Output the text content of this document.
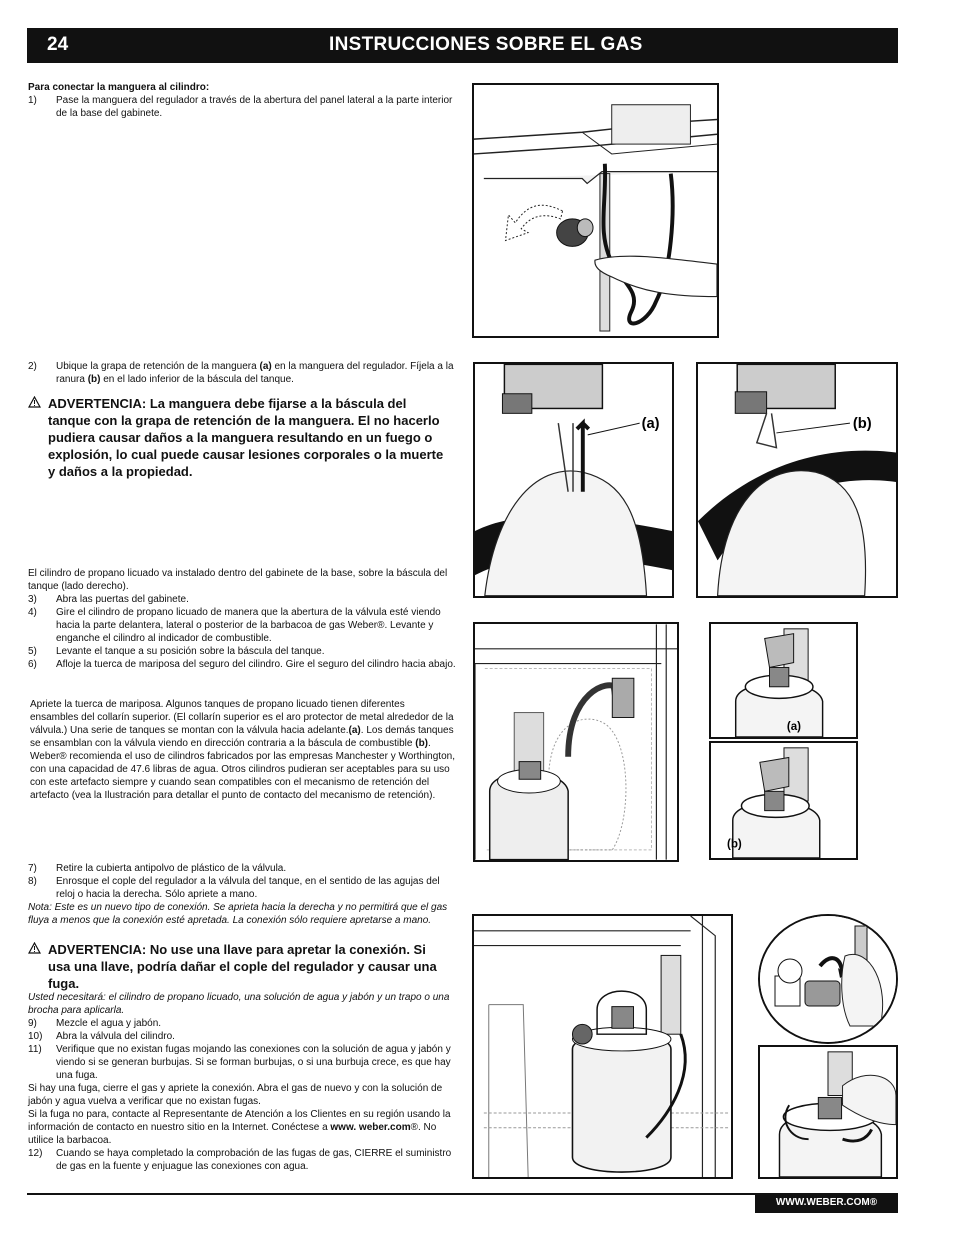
24	INSTRUCCIONES SOBRE EL GAS
Para conectar la manguera al cilindro:
1) Pase la manguera del regulador a través de la abertura del panel lateral a la parte interior de la base del gabinete.
2) Ubique la grapa de retención de la manguera (a) en la manguera del regulador. Fíjela a la ranura (b) en el lado inferior de la báscula del tanque.
ADVERTENCIA: La manguera debe fijarse a la báscula del tanque con la grapa de retención de la manguera. El no hacerlo pudiera causar daños a la manguera resultando en un fuego o explosión, lo cual puede causar lesiones corporales o la muerte y daños a la propiedad.
(a)	(b)
El cilindro de propano licuado va instalado dentro del gabinete de la base, sobre la báscula del tanque (lado derecho).
3) Abra las puertas del gabinete.
4) Gire el cilindro de propano licuado de manera que la abertura de la válvula esté viendo hacia la parte delantera, lateral o posterior de la barbacoa de gas Weber®. Levante y enganche el cilindro al indicador de combustible.
5) Levante el tanque a su posición sobre la báscula del tanque.
6) Afloje la tuerca de mariposa del seguro del cilindro. Gire el seguro del cilindro hacia abajo.
Apriete la tuerca de mariposa. Algunos tanques de propano licuado tienen diferentes ensambles del collarín superior. (El collarín superior es el aro protector de metal alrededor de la válvula.) Una serie de tanques se montan con la válvula hacia adelante.(a). Los demás tanques se ensamblan con la válvula viendo en dirección contraria a la báscula de combustible (b). Weber® recomienda el uso de cilindros fabricados por las empresas Manchester y Worthington, con una capacidad de 47.6 libras de agua. Otros cilindros pudieran ser aceptables para su uso con este artefacto siempre y cuando sean compatibles con el mecanismo de retención del artefacto (vea la Ilustración para detallar el punto de contacto del mecanismo de retención).
(a)
(b)
7) Retire la cubierta antipolvo de plástico de la válvula.
8) Enrosque el cople del regulador a la válvula del tanque, en el sentido de las agujas del reloj o hacia la derecha. Sólo apriete a mano.
Nota: Este es un nuevo tipo de conexión. Se aprieta hacia la derecha y no permitirá que el gas fluya a menos que la conexión esté apretada. La conexión sólo requiere apretarse a mano.
ADVERTENCIA: No use una llave para apretar la conexión. Si usa una llave, podría dañar el cople del regulador y causar una fuga.
Usted necesitará: el cilindro de propano licuado, una solución de agua y jabón y un trapo o una brocha para aplicarla.
9) Mezcle el agua y jabón.
10) Abra la válvula del cilindro.
11) Verifique que no existan fugas mojando las conexiones con la solución de agua y jabón y viendo si se generan burbujas. Si se forman burbujas, o si una burbuja crece, es que hay una fuga.
Si hay una fuga, cierre el gas y apriete la conexión. Abra el gas de nuevo y con la solución de jabón y agua vuelva a verificar que no existan fugas.
Si la fuga no para, contacte al Representante de Atención a los Clientes en su región usando la información de contacto en nuestro sitio en la Internet. Conéctese a www. weber.com®. No utilice la barbacoa.
12) Cuando se haya completado la comprobación de las fugas de gas, CIERRE el suministro de gas en la fuente y enjuague las conexiones con agua.
WWW.WEBER.COM®
